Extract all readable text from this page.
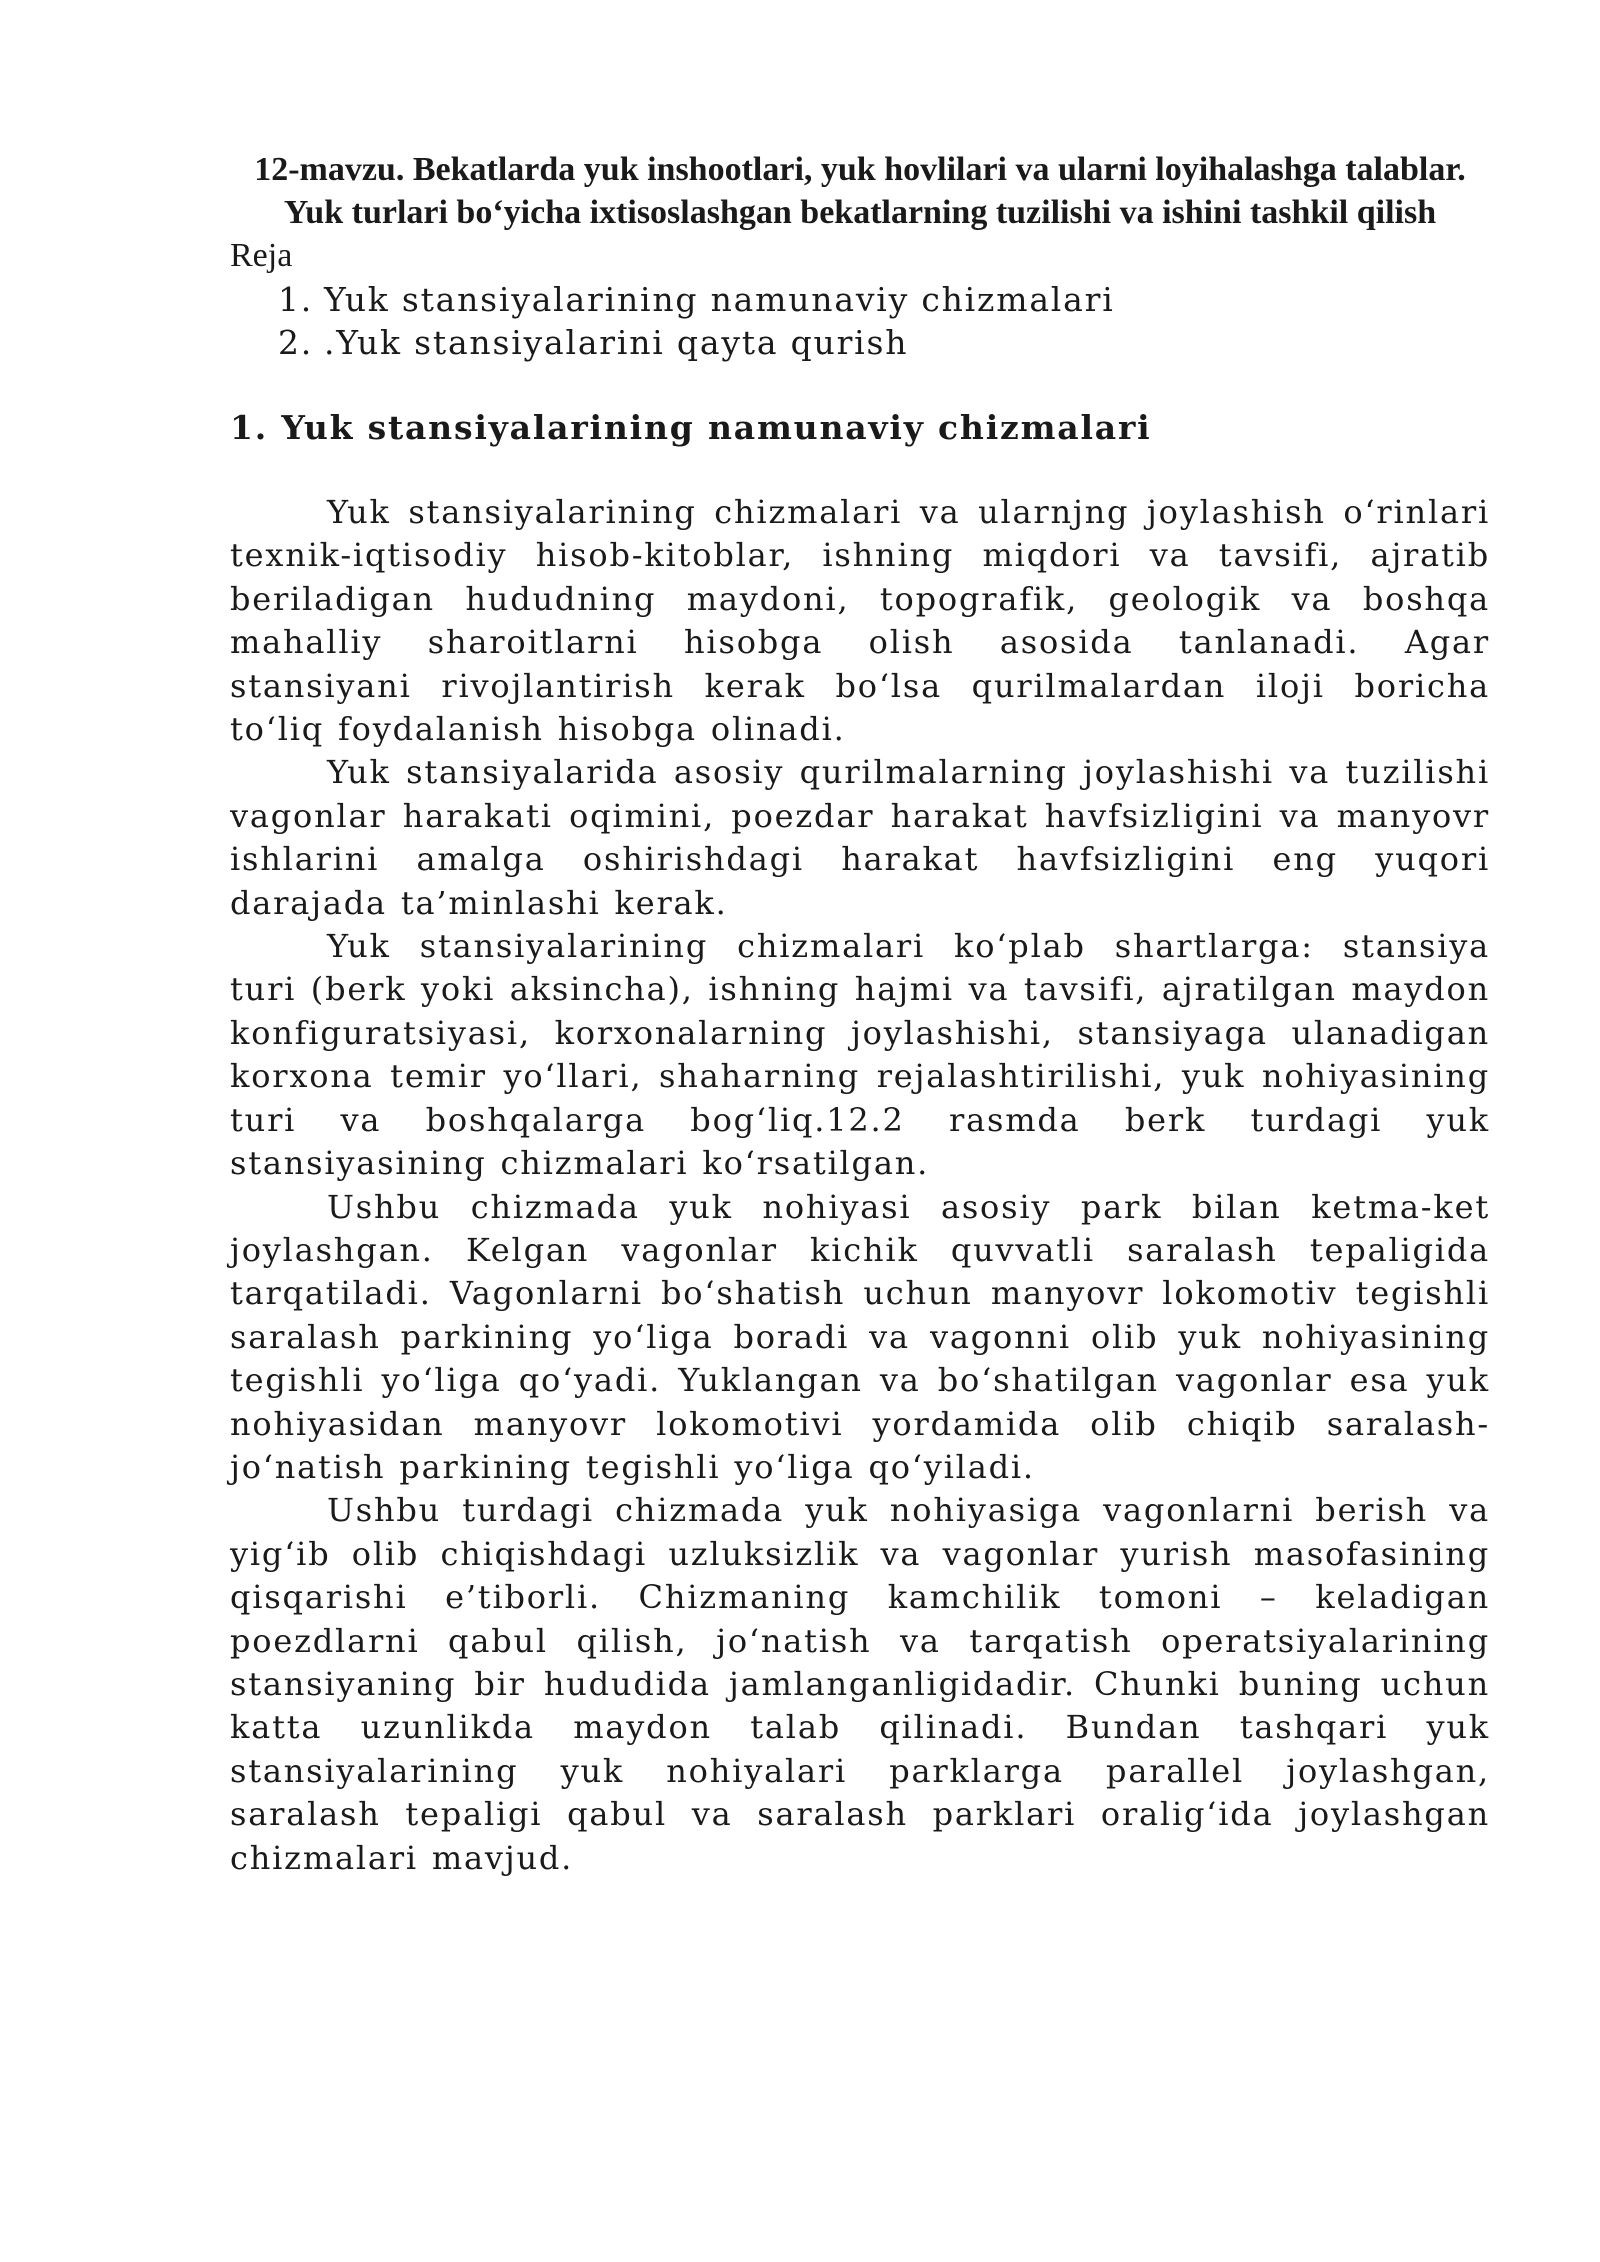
12-mavzu. Bekatlarda yuk inshootlari, yuk hovlilari va ularni loyihalashga talablar. Yuk turlari bo‘yicha ixtisoslashgan bekatlarning tuzilishi va ishini tashkil qilish
Reja
1. Yuk stansiyalarining namunaviy chizmalari
2. .Yuk stansiyalarini qayta qurish
1. Yuk stansiyalarining namunaviy chizmalari

Yuk stansiyalarining chizmalari va ularnjng joylashish o‘rinlari texnik-iqtisodiy hisob-kitoblar, ishning miqdori va tavsifi, ajratib beriladigan hududning maydoni, topografik, geologik va boshqa mahalliy sharoitlarni hisobga olish asosida tanlanadi. Agar stansiyani rivojlantirish kerak bo‘lsa qurilmalardan iloji boricha to‘liq foydalanish hisobga olinadi.

Yuk stansiyalarida asosiy qurilmalarning joylashishi va tuzilishi vagonlar harakati oqimini, poezdar harakat havfsizligini va manyovr ishlarini amalga oshirishdagi harakat havfsizligini eng yuqori darajada ta’minlashi kerak.

Yuk stansiyalarining chizmalari ko‘plab shartlarga: stansiya turi (berk yoki aksincha), ishning hajmi va tavsifi, ajratilgan maydon konfiguratsiyasi, korxonalarning joylashishi, stansiyaga ulanadigan korxona temir yo‘llari, shaharning rejalashtirilishi, yuk nohiyasining turi va boshqalarga bog‘liq.12.2 rasmda berk turdagi yuk stansiyasining chizmalari ko‘rsatilgan.

Ushbu chizmada yuk nohiyasi asosiy park bilan ketma-ket joylashgan. Kelgan vagonlar kichik quvvatli saralash tepaligida tarqatiladi. Vagonlarni bo‘shatish uchun manyovr lokomotiv tegishli saralash parkining yo‘liga boradi va vagonni olib yuk nohiyasining tegishli yo‘liga qo‘yadi. Yuklangan va bo‘shatilgan vagonlar esa yuk nohiyasidan manyovr lokomotivi yordamida olib chiqib saralash-jo‘natish parkining tegishli yo‘liga qo‘yiladi.

Ushbu turdagi chizmada yuk nohiyasiga vagonlarni berish va yig‘ib olib chiqishdagi uzluksizlik va vagonlar yurish masofasining qisqarishi e’tiborli. Chizmaning kamchilik tomoni – keladigan poezdlarni qabul qilish, jo‘natish va tarqatish operatsiyalarining stansiyaning bir hududida jamlanganligidadir. Chunki buning uchun katta uzunlikda maydon talab qilinadi. Bundan tashqari yuk stansiyalarining yuk nohiyalari parklarga parallel joylashgan, saralash tepaligi qabul va saralash parklari oralig‘ida joylashgan chizmalari mavjud.
